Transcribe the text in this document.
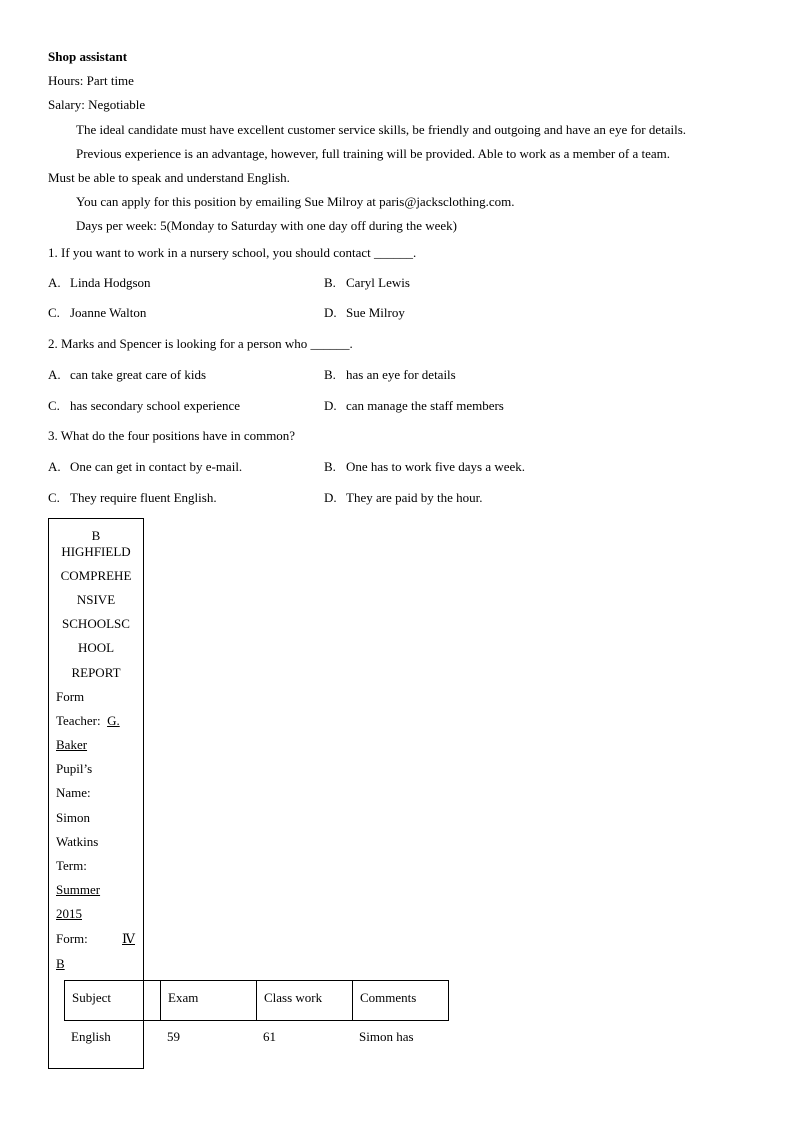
Shop assistant
Hours: Part time
Salary: Negotiable
The ideal candidate must have excellent customer service skills, be friendly and outgoing and have an eye for details.
Previous experience is an advantage, however, full training will be provided. Able to work as a member of a team.
Must be able to speak and understand English.
You can apply for this position by emailing Sue Milroy at paris@jacksclothing.com.
Days per week: 5(Monday to Saturday with one day off during the week)
1. If you want to work in a nursery school, you should contact ______.
A. Linda Hodgson	B. Caryl Lewis
C. Joanne Walton	D. Sue Milroy
2. Marks and Spencer is looking for a person who ______.
A. can take great care of kids	B. has an eye for details
C. has secondary school experience	D. can manage the staff members
3. What do the four positions have in common?
A. One can get in contact by e-mail.	B. One has to work five days a week.
C. They require fluent English.	D. They are paid by the hour.
B
HIGHFIELD
COMPREHE
NSIVE
SCHOOLSC
HOOL
REPORT
Form
Teacher: G.
Baker
Pupil’s
Name:
Simon
Watkins
Term:
Summer
2015
Form:	Ⅳ
B
Subject	Exam	Class work	Comments
English	59	61	Simon has
